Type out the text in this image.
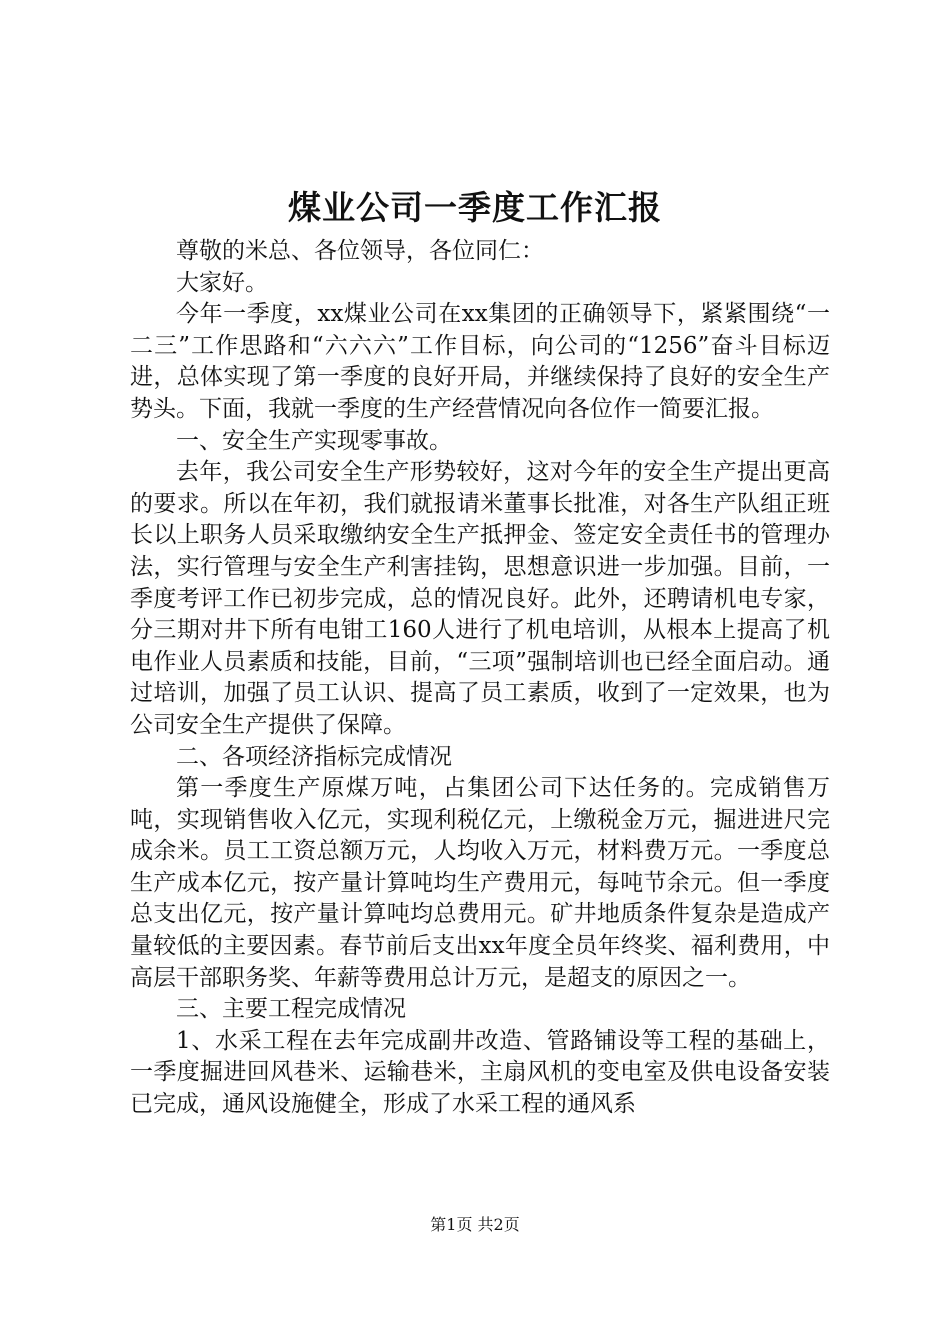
煤业公司一季度工作汇报

尊敬的米总、各位领导，各位同仁：

大家好。

今年一季度，xx煤业公司在xx集团的正确领导下，紧紧围绕“一二三”工作思路和“六六六”工作目标，向公司的“1256”奋斗目标迈进，总体实现了第一季度的良好开局，并继续保持了良好的安全生产势头。下面，我就一季度的生产经营情况向各位作一简要汇报。

一、安全生产实现零事故。

去年，我公司安全生产形势较好，这对今年的安全生产提出更高的要求。所以在年初，我们就报请米董事长批准，对各生产队组正班长以上职务人员采取缴纳安全生产抵押金、签定安全责任书的管理办法，实行管理与安全生产利害挂钩，思想意识进一步加强。目前，一季度考评工作已初步完成，总的情况良好。此外，还聘请机电专家，分三期对井下所有电钳工160人进行了机电培训，从根本上提高了机电作业人员素质和技能，目前，“三项”强制培训也已经全面启动。通过培训，加强了员工认识、提高了员工素质，收到了一定效果，也为公司安全生产提供了保障。

二、各项经济指标完成情况

第一季度生产原煤万吨，占集团公司下达任务的。完成销售万吨，实现销售收入亿元，实现利税亿元，上缴税金万元，掘进进尺完成余米。员工工资总额万元，人均收入万元，材料费万元。一季度总生产成本亿元，按产量计算吨均生产费用元，每吨节余元。但一季度总支出亿元，按产量计算吨均总费用元。矿井地质条件复杂是造成产量较低的主要因素。春节前后支出xx年度全员年终奖、福利费用，中高层干部职务奖、年薪等费用总计万元，是超支的原因之一。

三、主要工程完成情况

1、水采工程在去年完成副井改造、管路铺设等工程的基础上，一季度掘进回风巷米、运输巷米，主扇风机的变电室及供电设备安装已完成，通风设施健全，形成了水采工程的通风系

第1页 共2页
